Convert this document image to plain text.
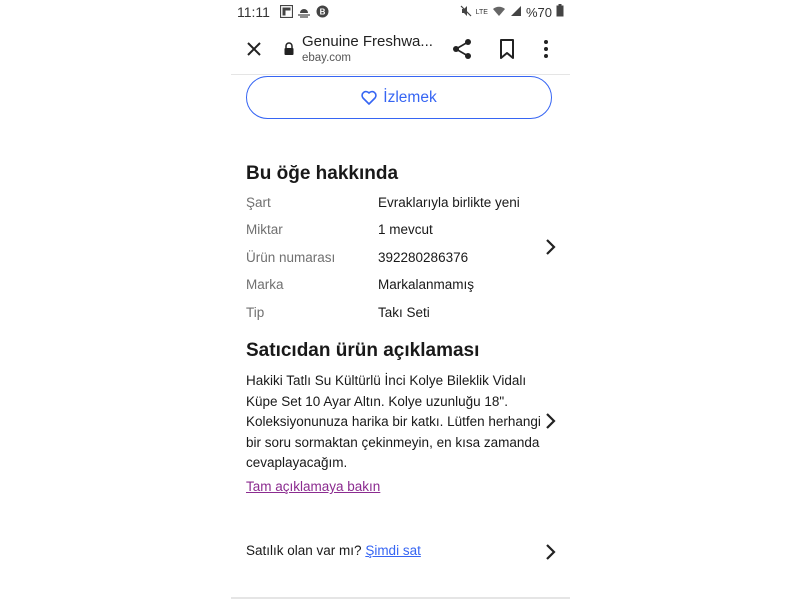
11:11	B	LTE	%70
Genuine Freshwa...
ebay.com
İzlemek
Bu öğe hakkında
Şart	Evraklarıyla birlikte yeni
Miktar	1 mevcut
Ürün numarası	392280286376
Marka	Markalanmamış
Tip	Takı Seti
Satıcıdan ürün açıklaması
Hakiki Tatlı Su Kültürlü İnci Kolye Bileklik Vidalı Küpe Set 10 Ayar Altın. Kolye uzunluğu 18". Koleksiyonunuza harika bir katkı. Lütfen herhangi bir soru sormaktan çekinmeyin, en kısa zamanda cevaplayacağım.
Tam açıklamaya bakın
Satılık olan var mı? Şimdi sat
